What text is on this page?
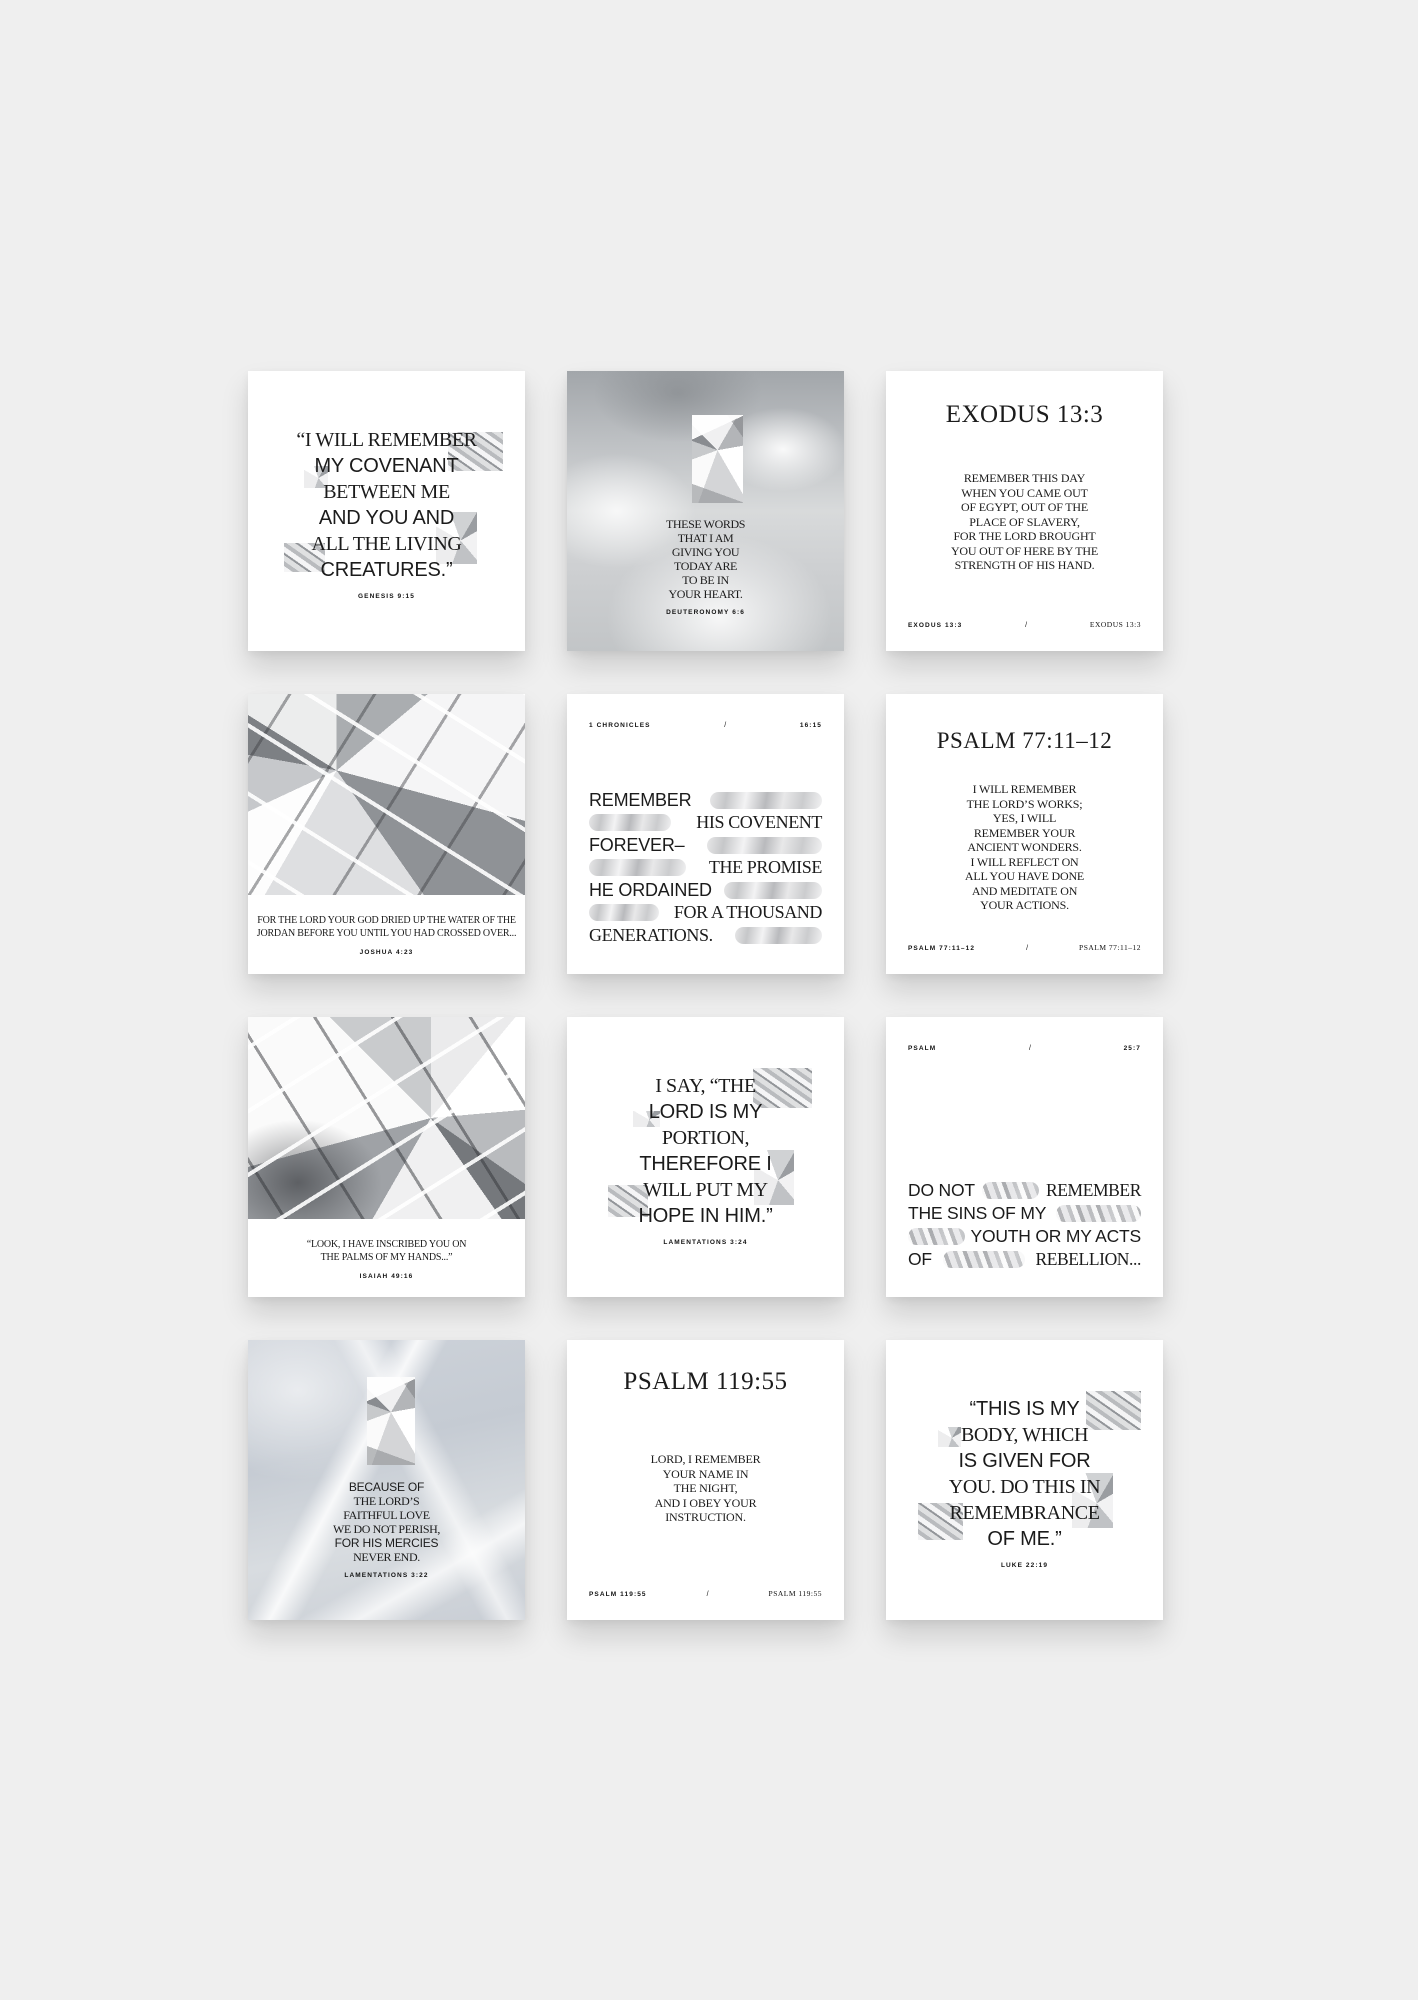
“I WILL REMEMBER
MY COVENANT
BETWEEN ME
AND YOU AND
ALL THE LIVING
CREATURES.”
GENESIS 9:15
THESE WORDS
THAT I AM
GIVING YOU
TODAY ARE
TO BE IN
YOUR HEART.
DEUTERONOMY 6:6
EXODUS 13:3
REMEMBER THIS DAY
WHEN YOU CAME OUT
OF EGYPT, OUT OF THE
PLACE OF SLAVERY,
FOR THE LORD BROUGHT
YOU OUT OF HERE BY THE
STRENGTH OF HIS HAND.
EXODUS 13:3	/	EXODUS 13:3
FOR THE LORD YOUR GOD DRIED UP THE WATER OF THE
JORDAN BEFORE YOU UNTIL YOU HAD CROSSED OVER...
JOSHUA 4:23
1 CHRONICLES	/	16:15
REMEMBER
HIS COVENENT
FOREVER–
THE PROMISE
HE ORDAINED
FOR A THOUSAND
GENERATIONS.
PSALM 77:11–12
I WILL REMEMBER
THE LORD’S WORKS;
YES, I WILL
REMEMBER YOUR
ANCIENT WONDERS.
I WILL REFLECT ON
ALL YOU HAVE DONE
AND MEDITATE ON
YOUR ACTIONS.
PSALM 77:11–12	/	PSALM 77:11–12
“LOOK, I HAVE INSCRIBED YOU ON
THE PALMS OF MY HANDS...”
ISAIAH 49:16
I SAY, “THE
LORD IS MY
PORTION,
THEREFORE I
WILL PUT MY
HOPE IN HIM.”
LAMENTATIONS 3:24
PSALM	/	25:7
DO NOT	REMEMBER
THE SINS OF MY
YOUTH OR MY ACTS
OF	REBELLION...
BECAUSE OF
THE LORD’S
FAITHFUL LOVE
WE DO NOT PERISH,
FOR HIS MERCIES
NEVER END.
LAMENTATIONS 3:22
PSALM 119:55
LORD, I REMEMBER
YOUR NAME IN
THE NIGHT,
AND I OBEY YOUR
INSTRUCTION.
PSALM 119:55	/	PSALM 119:55
“THIS IS MY
BODY, WHICH
IS GIVEN FOR
YOU. DO THIS IN
REMEMBRANCE
OF ME.”
LUKE 22:19
